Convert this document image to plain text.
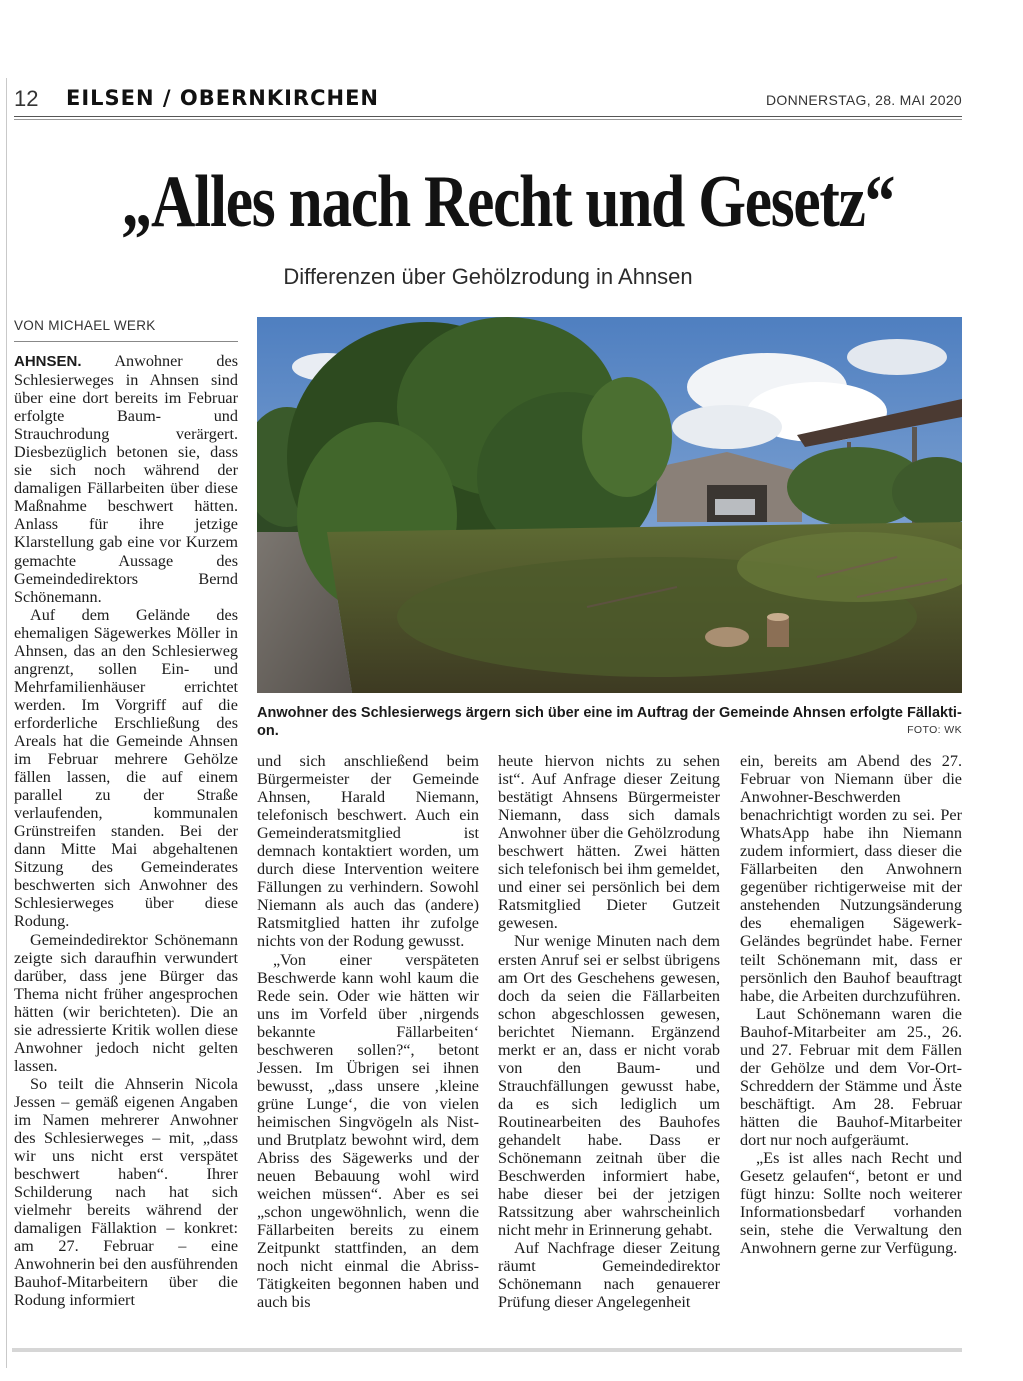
12 EILSEN / OBERNKIRCHEN	DONNERSTAG, 28. MAI 2020
„Alles nach Recht und Gesetz“
Differenzen über Gehölzrodung in Ahnsen
VON MICHAEL WERK

AHNSEN. Anwohner des Schlesierweges in Ahnsen sind über eine dort bereits im Februar erfolgte Baum- und Strauchrodung verärgert. Diesbezüglich betonen sie, dass sie sich noch während der damaligen Fällarbeiten über diese Maßnahme beschwert hätten. Anlass für ihre jetzige Klarstellung gab eine vor Kurzem gemachte Aussage des Gemeindedirektors Bernd Schönemann.

Auf dem Gelände des ehemaligen Sägewerkes Möller in Ahnsen, das an den Schlesierweg angrenzt, sollen Ein- und Mehrfamilienhäuser errichtet werden. Im Vorgriff auf die erforderliche Erschließung des Areals hat die Gemeinde Ahnsen im Februar mehrere Gehölze fällen lassen, die auf einem parallel zu der Straße verlaufenden, kommunalen Grünstreifen standen. Bei der dann Mitte Mai abgehaltenen Sitzung des Gemeinderates beschwerten sich Anwohner des Schlesierweges über diese Rodung.

Gemeindedirektor Schönemann zeigte sich daraufhin verwundert darüber, dass jene Bürger das Thema nicht früher angesprochen hätten (wir berichteten). Die an sie adressierte Kritik wollen diese Anwohner jedoch nicht gelten lassen.

So teilt die Ahnserin Nicola Jessen – gemäß eigenen Angaben im Namen mehrerer Anwohner des Schlesierweges – mit, „dass wir uns nicht erst verspätet beschwert haben“. Ihrer Schilderung nach hat sich vielmehr bereits während der damaligen Fällaktion – konkret: am 27. Februar – eine Anwohnerin bei den ausführenden Bauhof-Mitarbeitern über die Rodung informiert

Anwohner des Schlesierwegs ärgern sich über eine im Auftrag der Gemeinde Ahnsen erfolgte Fällakti-on.	FOTO: WK

und sich anschließend beim Bürgermeister der Gemeinde Ahnsen, Harald Niemann, telefonisch beschwert. Auch ein Gemeinderatsmitglied ist demnach kontaktiert worden, um durch diese Intervention weitere Fällungen zu verhindern. Sowohl Niemann als auch das (andere) Ratsmitglied hatten ihr zufolge nichts von der Rodung gewusst.

„Von einer verspäteten Beschwerde kann wohl kaum die Rede sein. Oder wie hätten wir uns im Vorfeld über ‚nirgends bekannte Fällarbeiten‘ beschweren sollen?“, betont Jessen. Im Übrigen sei ihnen bewusst, „dass unsere ‚kleine grüne Lunge‘, die von vielen heimischen Singvögeln als Nist- und Brutplatz bewohnt wird, dem Abriss des Sägewerks und der neuen Bebauung wohl wird weichen müssen“. Aber es sei „schon ungewöhnlich, wenn die Fällarbeiten bereits zu einem Zeitpunkt stattfinden, an dem noch nicht einmal die Abriss-Tätigkeiten begonnen haben und auch bis

heute hiervon nichts zu sehen ist“. Auf Anfrage dieser Zeitung bestätigt Ahnsens Bürgermeister Niemann, dass sich damals Anwohner über die Gehölzrodung beschwert hätten. Zwei hätten sich telefonisch bei ihm gemeldet, und einer sei persönlich bei dem Ratsmitglied Dieter Gutzeit gewesen.

Nur wenige Minuten nach dem ersten Anruf sei er selbst übrigens am Ort des Geschehens gewesen, doch da seien die Fällarbeiten schon abgeschlossen gewesen, berichtet Niemann. Ergänzend merkt er an, dass er nicht vorab von den Baum- und Strauchfällungen gewusst habe, da es sich lediglich um Routinearbeiten des Bauhofes gehandelt habe. Dass er Schönemann zeitnah über die Beschwerden informiert habe, habe dieser bei der jetzigen Ratssitzung aber wahrscheinlich nicht mehr in Erinnerung gehabt.

Auf Nachfrage dieser Zeitung räumt Gemeindedirektor Schönemann nach genauerer Prüfung dieser Angelegenheit

ein, bereits am Abend des 27. Februar von Niemann über die Anwohner-Beschwerden benachrichtigt worden zu sei. Per WhatsApp habe ihn Niemann zudem informiert, dass dieser die Fällarbeiten den Anwohnern gegenüber richtigerweise mit der anstehenden Nutzungsänderung des ehemaligen Sägewerk-Geländes begründet habe. Ferner teilt Schönemann mit, dass er persönlich den Bauhof beauftragt habe, die Arbeiten durchzuführen.

Laut Schönemann waren die Bauhof-Mitarbeiter am 25., 26. und 27. Februar mit dem Fällen der Gehölze und dem Vor-Ort-Schreddern der Stämme und Äste beschäftigt. Am 28. Februar hätten die Bauhof-Mitarbeiter dort nur noch aufgeräumt.

„Es ist alles nach Recht und Gesetz gelaufen“, betont er und fügt hinzu: Sollte noch weiterer Informationsbedarf vorhanden sein, stehe die Verwaltung den Anwohnern gerne zur Verfügung.
